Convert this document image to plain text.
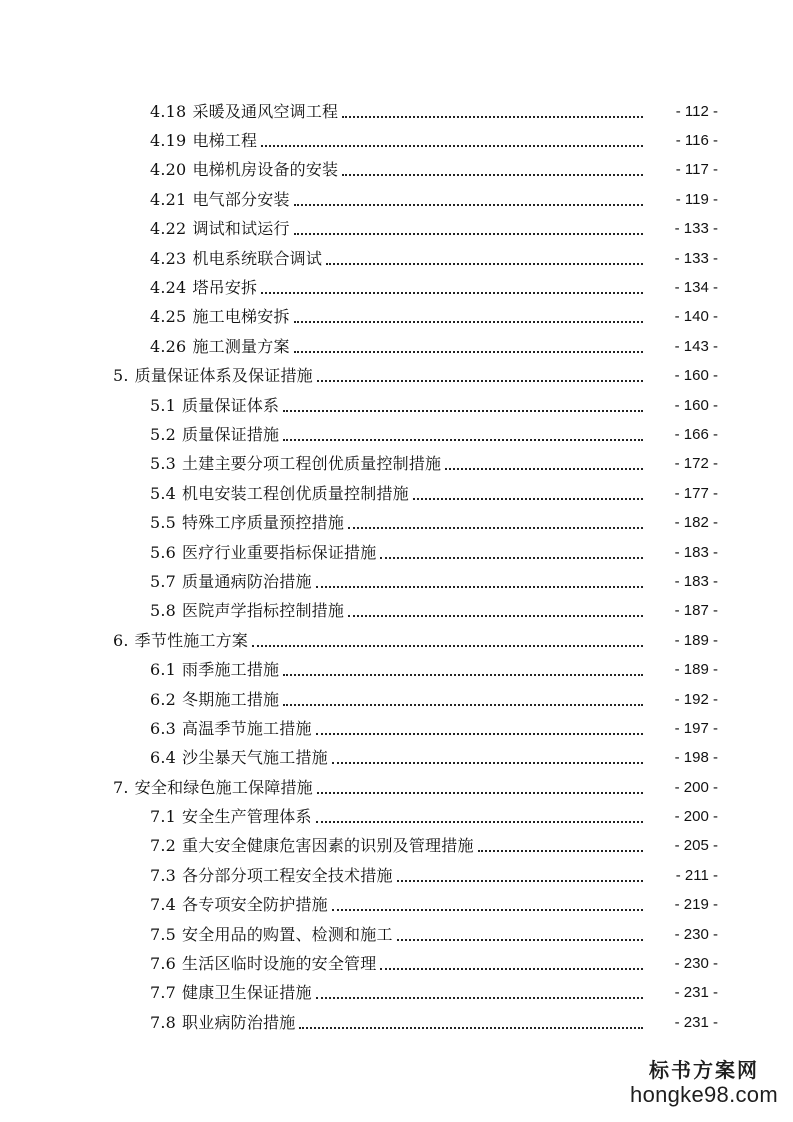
4.18 采暖及通风空调工程	- 112 -
4.19 电梯工程	- 116 -
4.20 电梯机房设备的安装	- 117 -
4.21 电气部分安装	- 119 -
4.22 调试和试运行	- 133 -
4.23 机电系统联合调试	- 133 -
4.24 塔吊安拆	- 134 -
4.25 施工电梯安拆	- 140 -
4.26 施工测量方案	- 143 -
5. 质量保证体系及保证措施	- 160 -
5.1 质量保证体系	- 160 -
5.2 质量保证措施	- 166 -
5.3 土建主要分项工程创优质量控制措施	- 172 -
5.4 机电安装工程创优质量控制措施	- 177 -
5.5 特殊工序质量预控措施	- 182 -
5.6 医疗行业重要指标保证措施	- 183 -
5.7 质量通病防治措施	- 183 -
5.8 医院声学指标控制措施	- 187 -
6. 季节性施工方案	- 189 -
6.1 雨季施工措施	- 189 -
6.2 冬期施工措施	- 192 -
6.3 高温季节施工措施	- 197 -
6.4 沙尘暴天气施工措施	- 198 -
7. 安全和绿色施工保障措施	- 200 -
7.1 安全生产管理体系	- 200 -
7.2 重大安全健康危害因素的识别及管理措施	- 205 -
7.3 各分部分项工程安全技术措施	- 211 -
7.4 各专项安全防护措施	- 219 -
7.5 安全用品的购置、检测和施工	- 230 -
7.6 生活区临时设施的安全管理	- 230 -
7.7 健康卫生保证措施	- 231 -
7.8 职业病防治措施	- 231 -
标书方案网
hongke98.com
